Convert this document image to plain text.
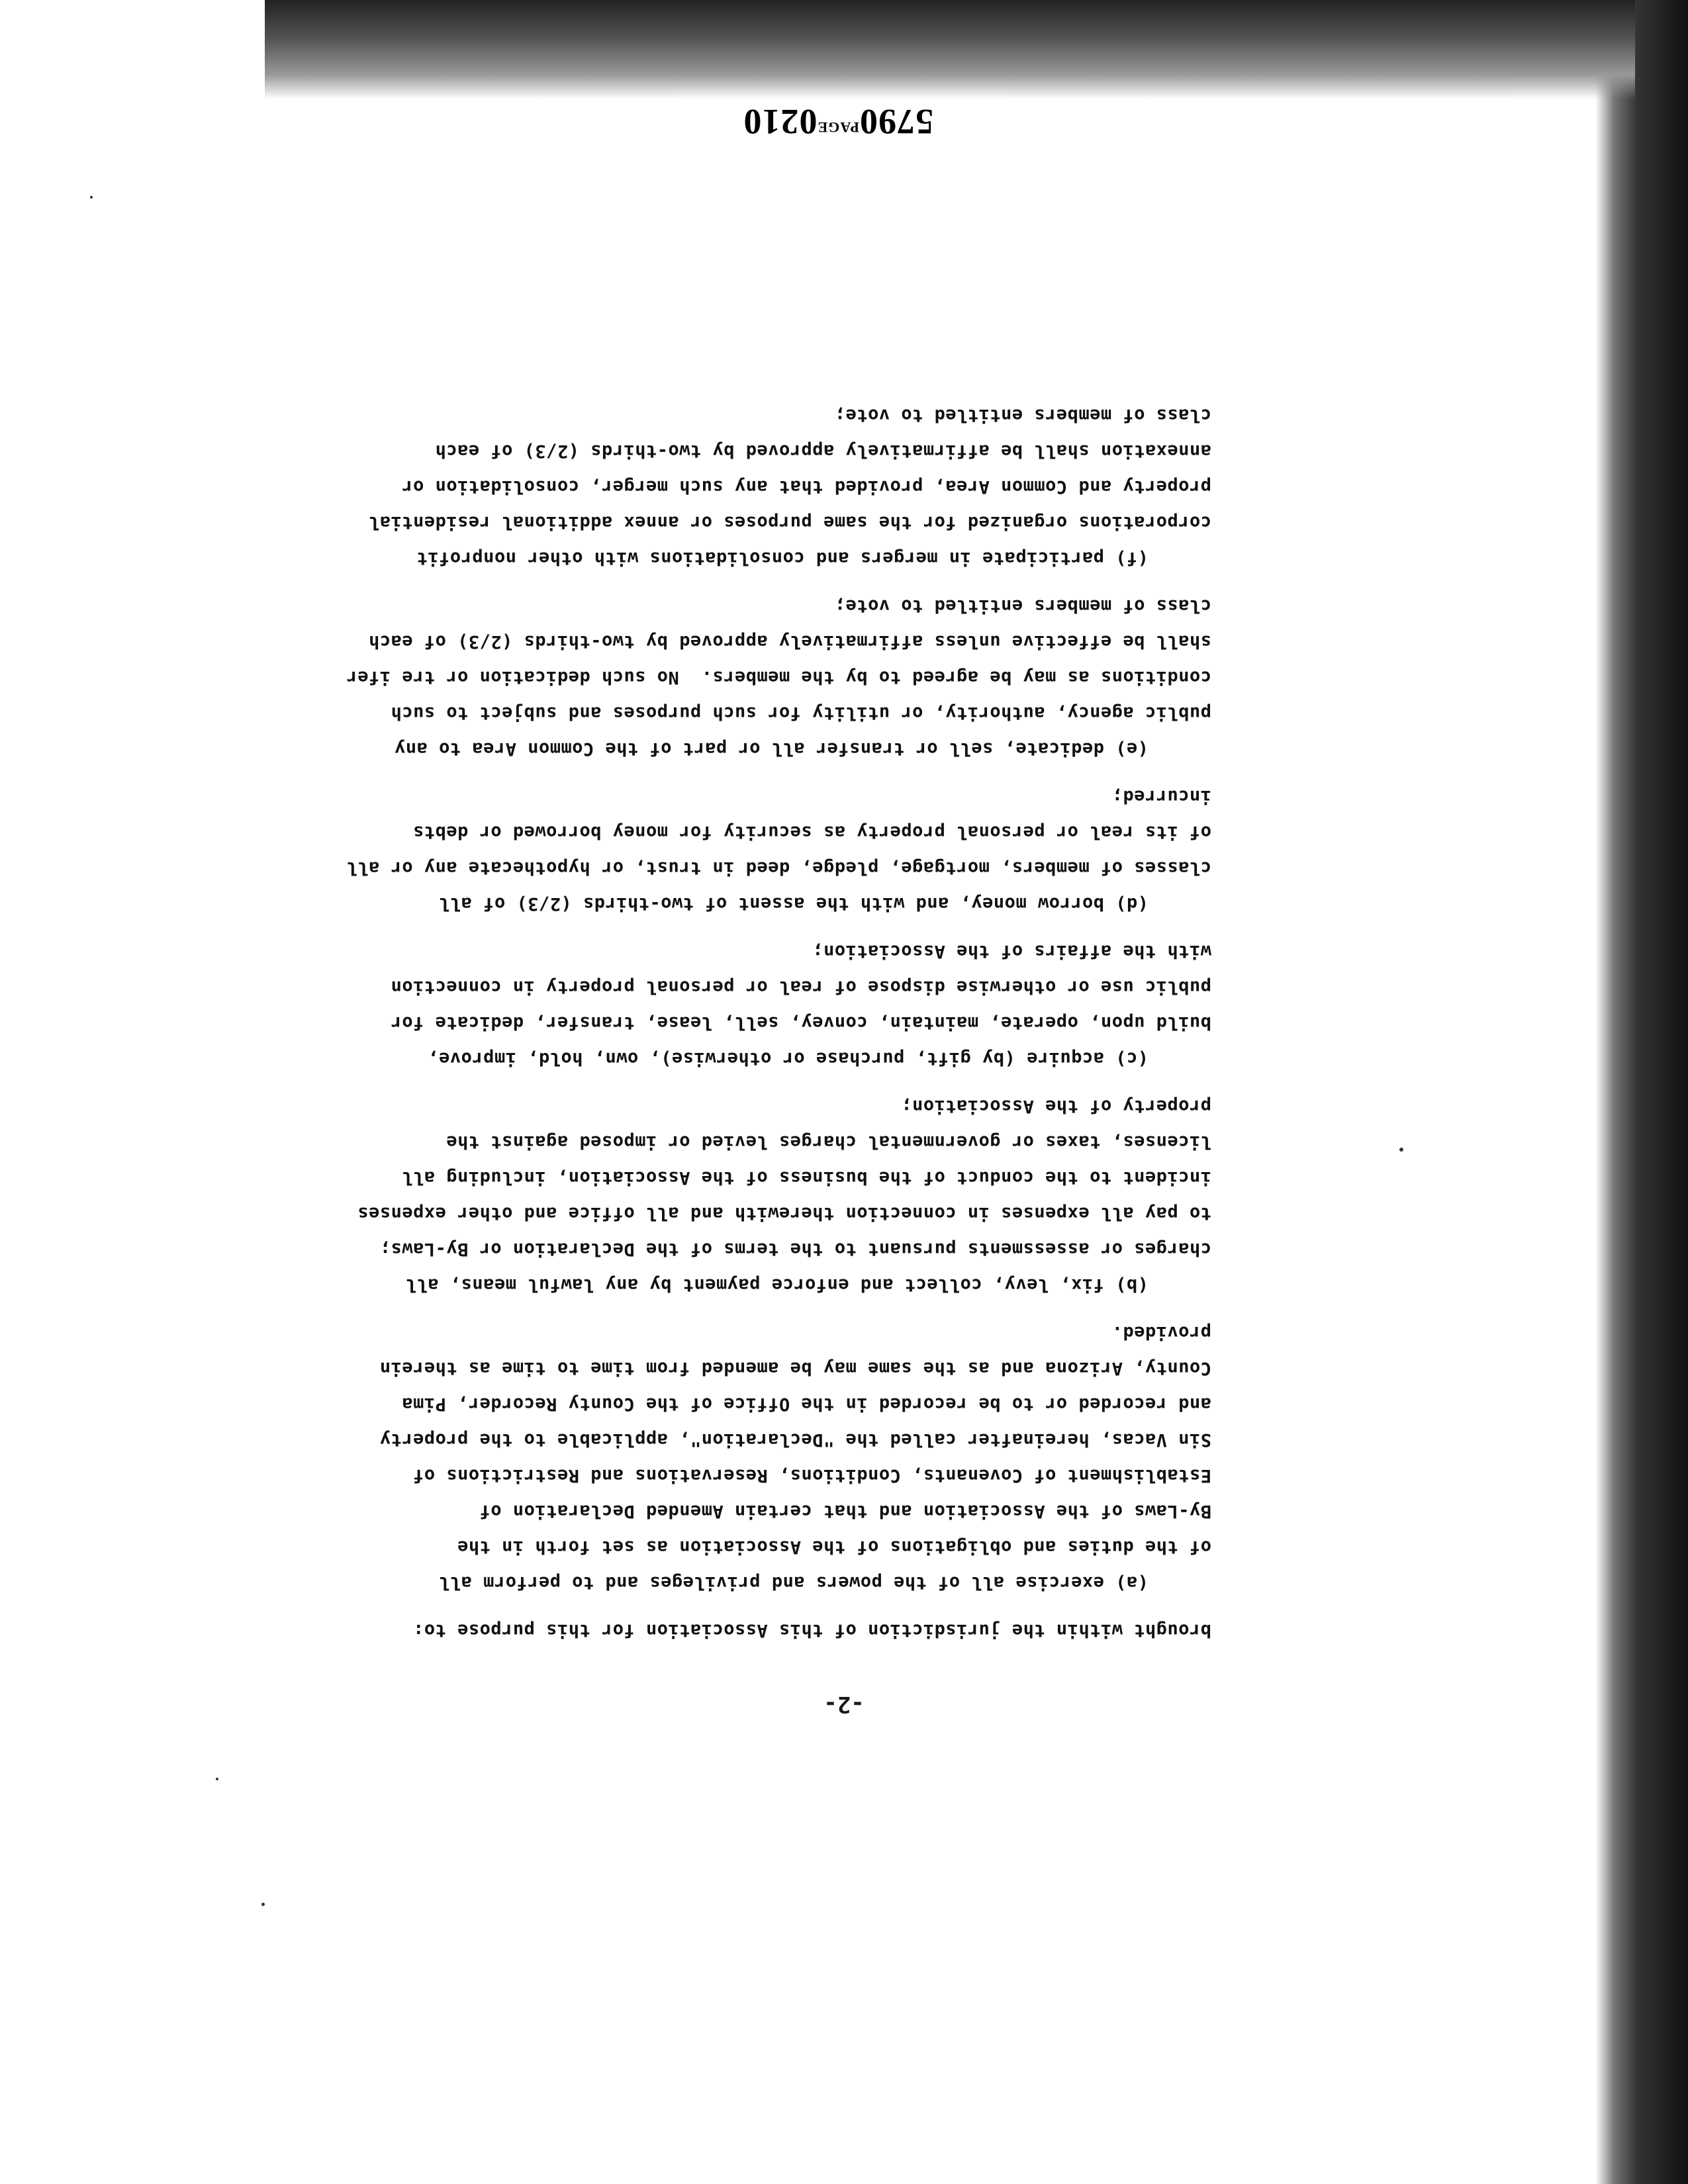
-2-

brought within the jurisdiction of this Association for this purpose to:
(a) exercise all of the powers and privileges and to perform all
of the duties and obligations of the Association as set forth in the
By-Laws of the Association and that certain Amended Declaration of
Establishment of Covenants, Conditions, Reservations and Restrictions of
Sin Vacas, hereinafter called the "Declaration", applicable to the property
and recorded or to be recorded in the Office of the County Recorder, Pima
County, Arizona and as the same may be amended from time to time as therein
provided.
(b) fix, levy, collect and enforce payment by any lawful means, all
charges or assessments pursuant to the terms of the Declaration or By-Laws;
to pay all expenses in connection therewith and all office and other expenses
incident to the conduct of the business of the Association, including all
licenses, taxes or governmental charges levied or imposed against the
property of the Association;
(c) acquire (by gift, purchase or otherwise), own, hold, improve,
build upon, operate, maintain, convey, sell, lease, transfer, dedicate for
public use or otherwise dispose of real or personal property in connection
with the affairs of the Association;
(d) borrow money, and with the assent of two-thirds (2/3) of all
classes of members, mortgage, pledge, deed in trust, or hypothecate any or all
of its real or personal property as security for money borrowed or debts
incurred;
(e) dedicate, sell or transfer all or part of the Common Area to any
public agency, authority, or utility for such purposes and subject to such
conditions as may be agreed to by the members.  No such dedication or tre ifer
shall be effective unless affirmatively approved by two-thirds (2/3) of each
class of members entitled to vote;
(f) participate in mergers and consolidations with other nonprofit
corporations organized for the same purposes or annex additional residential
property and Common Area, provided that any such merger, consolidation or
annexation shall be affirmatively approved by two-thirds (2/3) of each
class of members entitled to vote;
$5790^{PAGE}0210$
